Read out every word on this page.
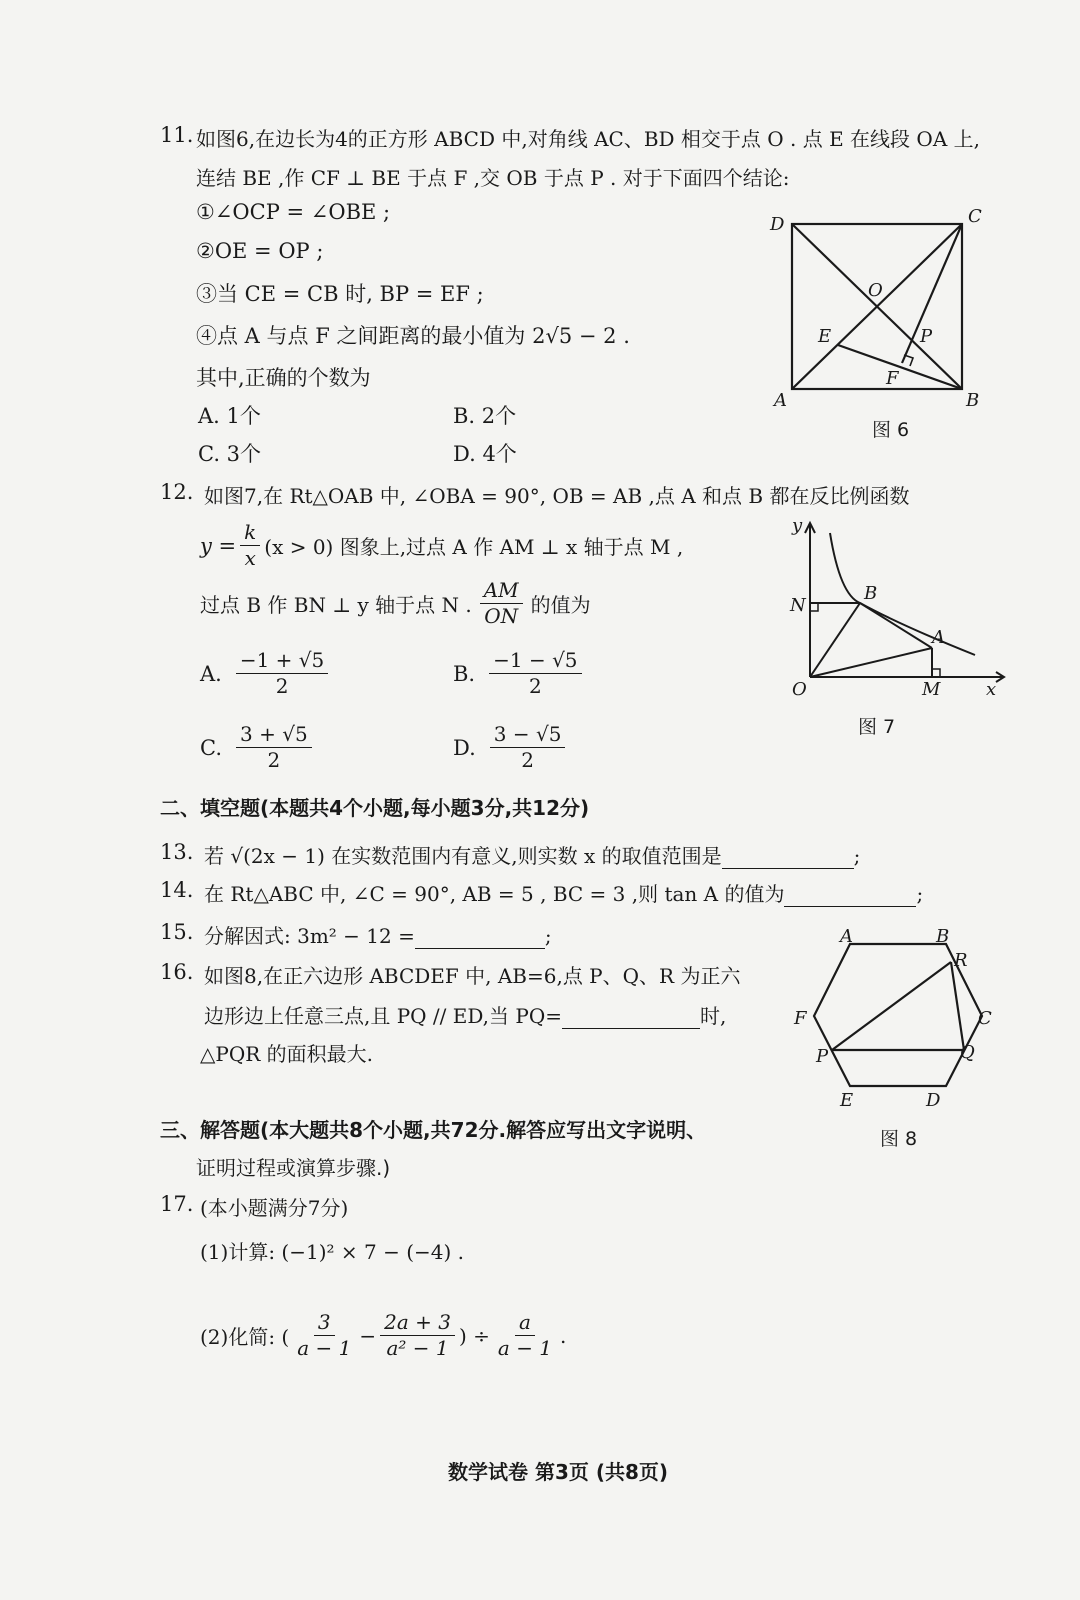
11. 如图6,在边长为4的正方形 ABCD 中,对角线 AC、BD 相交于点 O . 点 E 在线段 OA 上,
连结 BE ,作 CF ⊥ BE 于点 F ,交 OB 于点 P . 对于下面四个结论:
①∠OCP = ∠OBE ;
②OE = OP ;
③当 CE = CB 时, BP = EF ;
④点 A 与点 F 之间距离的最小值为 2√5 − 2 .
其中,正确的个数为
A. 1个	B. 2个
C. 3个	D. 4个
D	C
A	B
O
E	P
F
图 6
12. 如图7,在 Rt△OAB 中, ∠OBA = 90°, OB = AB ,点 A 和点 B 都在反比例函数
$y = \frac{k}{x} (x > 0)$ 图象上,过点 A 作 AM ⊥ x 轴于点 M ,
过点 B 作 BN ⊥ y 轴于点 N . $\frac{AM}{ON}$ 的值为
A. $\frac{-1 + √5}{2}$	B. $\frac{-1 - √5}{2}$
C. $\frac{3 + √5}{2}$	D. $\frac{3 - √5}{2}$
y
x
O
N
B
A
M
图 7
二、填空题(本题共4个小题,每小题3分,共12分)
13. 若 √(2x − 1) 在实数范围内有意义,则实数 x 的取值范围是	;
14. 在 Rt△ABC 中, ∠C = 90°, AB = 5 , BC = 3 ,则 tan A 的值为	;
15. 分解因式: 3m² − 12 =	;
16. 如图8,在正六边形 ABCDEF 中, AB=6,点 P、Q、R 为正六
边形边上任意三点,且 PQ // ED,当 PQ=	时,
△PQR 的面积最大.
A	B
R
C
F
P	Q
E	D
图 8
三、解答题(本大题共8个小题,共72分.解答应写出文字说明、
证明过程或演算步骤.)
17. (本小题满分7分)
(1)计算: (−1)² × 7 − (−4) .
(2)化简: ( $\frac{3}{a - 1} - \frac{2a + 3}{\text{a² − 1}}$ ) ÷ $\frac{a}{a - 1}$ .
数学试卷 第3页 (共8页)
